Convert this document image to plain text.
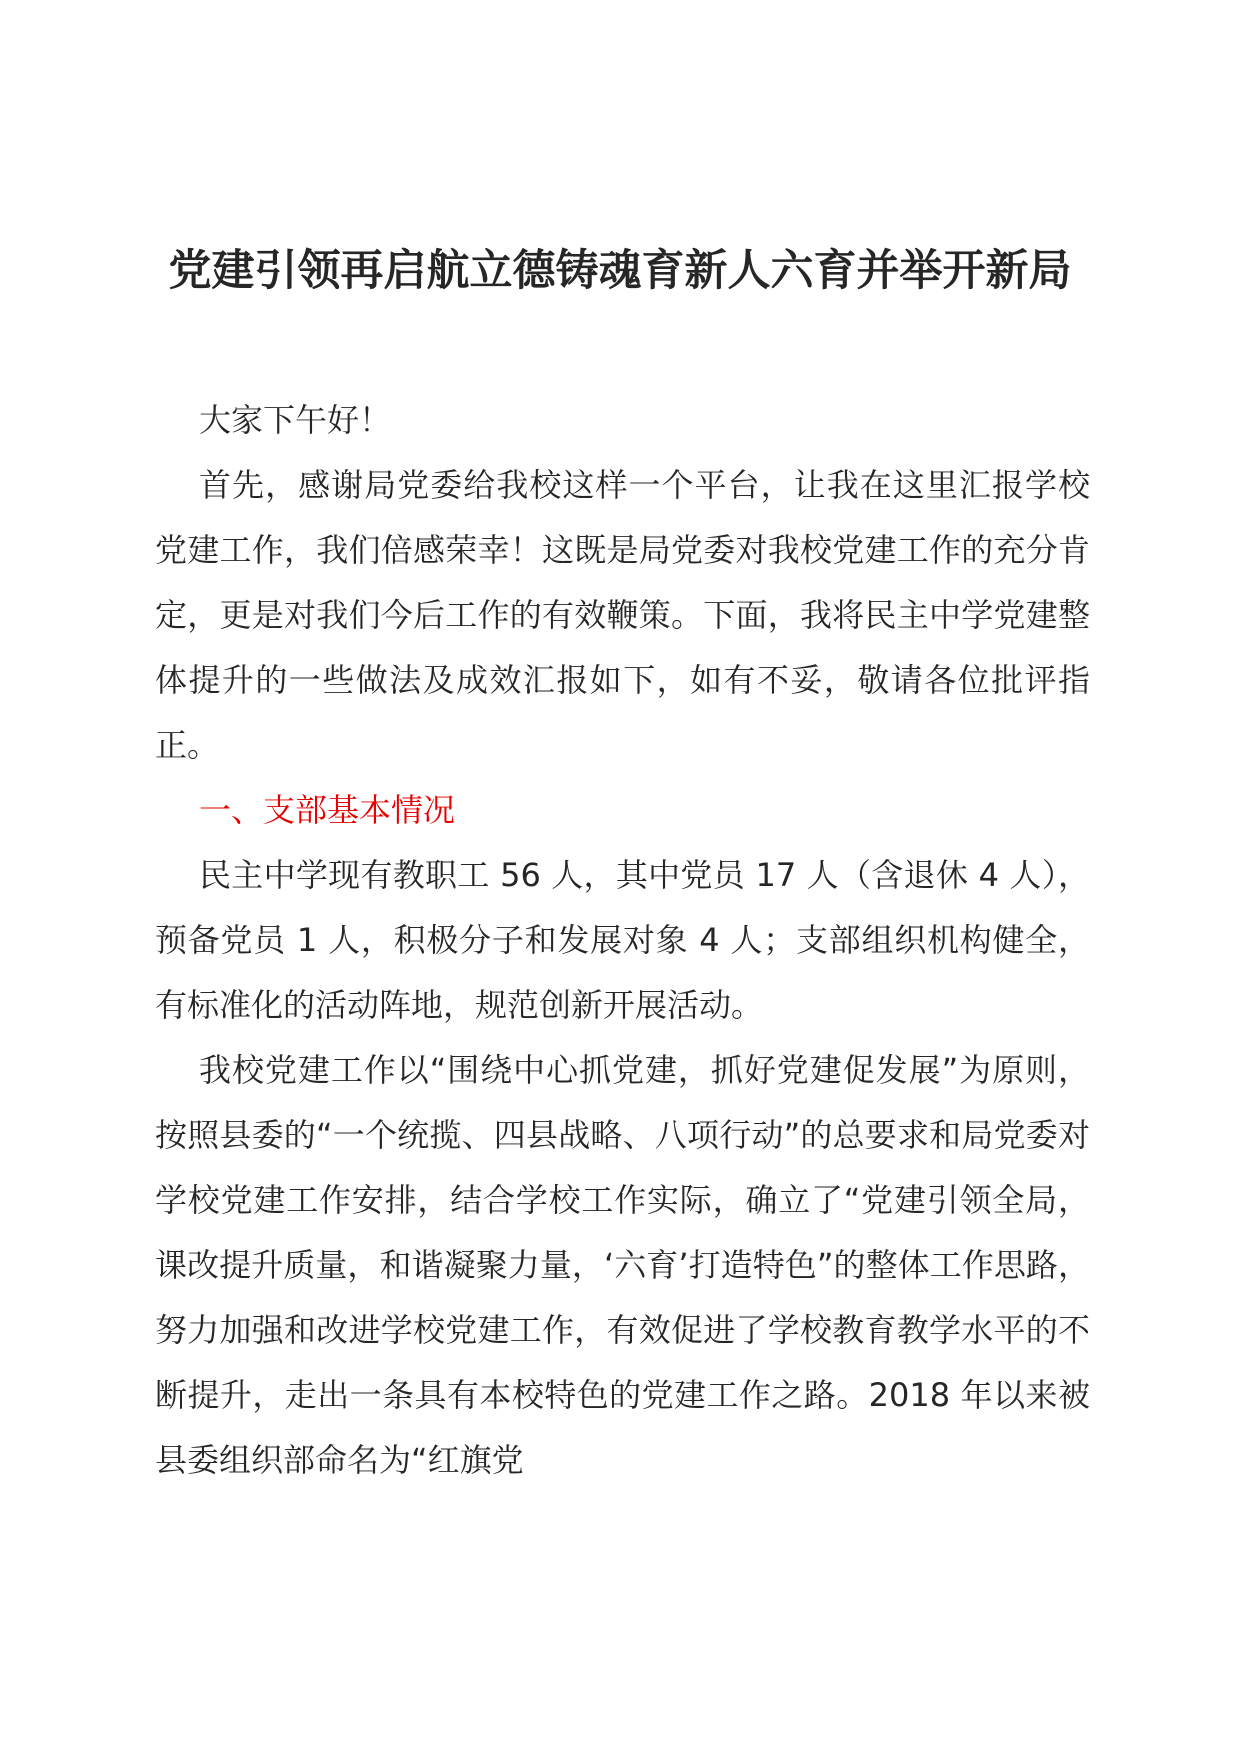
党建引领再启航立德铸魂育新人六育并举开新局

大家下午好！

首先，感谢局党委给我校这样一个平台，让我在这里汇报学校党建工作，我们倍感荣幸！这既是局党委对我校党建工作的充分肯定，更是对我们今后工作的有效鞭策。下面，我将民主中学党建整体提升的一些做法及成效汇报如下，如有不妥，敬请各位批评指正。

一、支部基本情况

民主中学现有教职工 56 人，其中党员 17 人（含退休 4 人），预备党员 1 人，积极分子和发展对象 4 人；支部组织机构健全，有标准化的活动阵地，规范创新开展活动。

我校党建工作以“围绕中心抓党建，抓好党建促发展”为原则，按照县委的“一个统揽、四县战略、八项行动”的总要求和局党委对学校党建工作安排，结合学校工作实际，确立了“党建引领全局，课改提升质量，和谐凝聚力量，‘六育’打造特色”的整体工作思路，努力加强和改进学校党建工作，有效促进了学校教育教学水平的不断提升，走出一条具有本校特色的党建工作之路。2018 年以来被县委组织部命名为“红旗党
